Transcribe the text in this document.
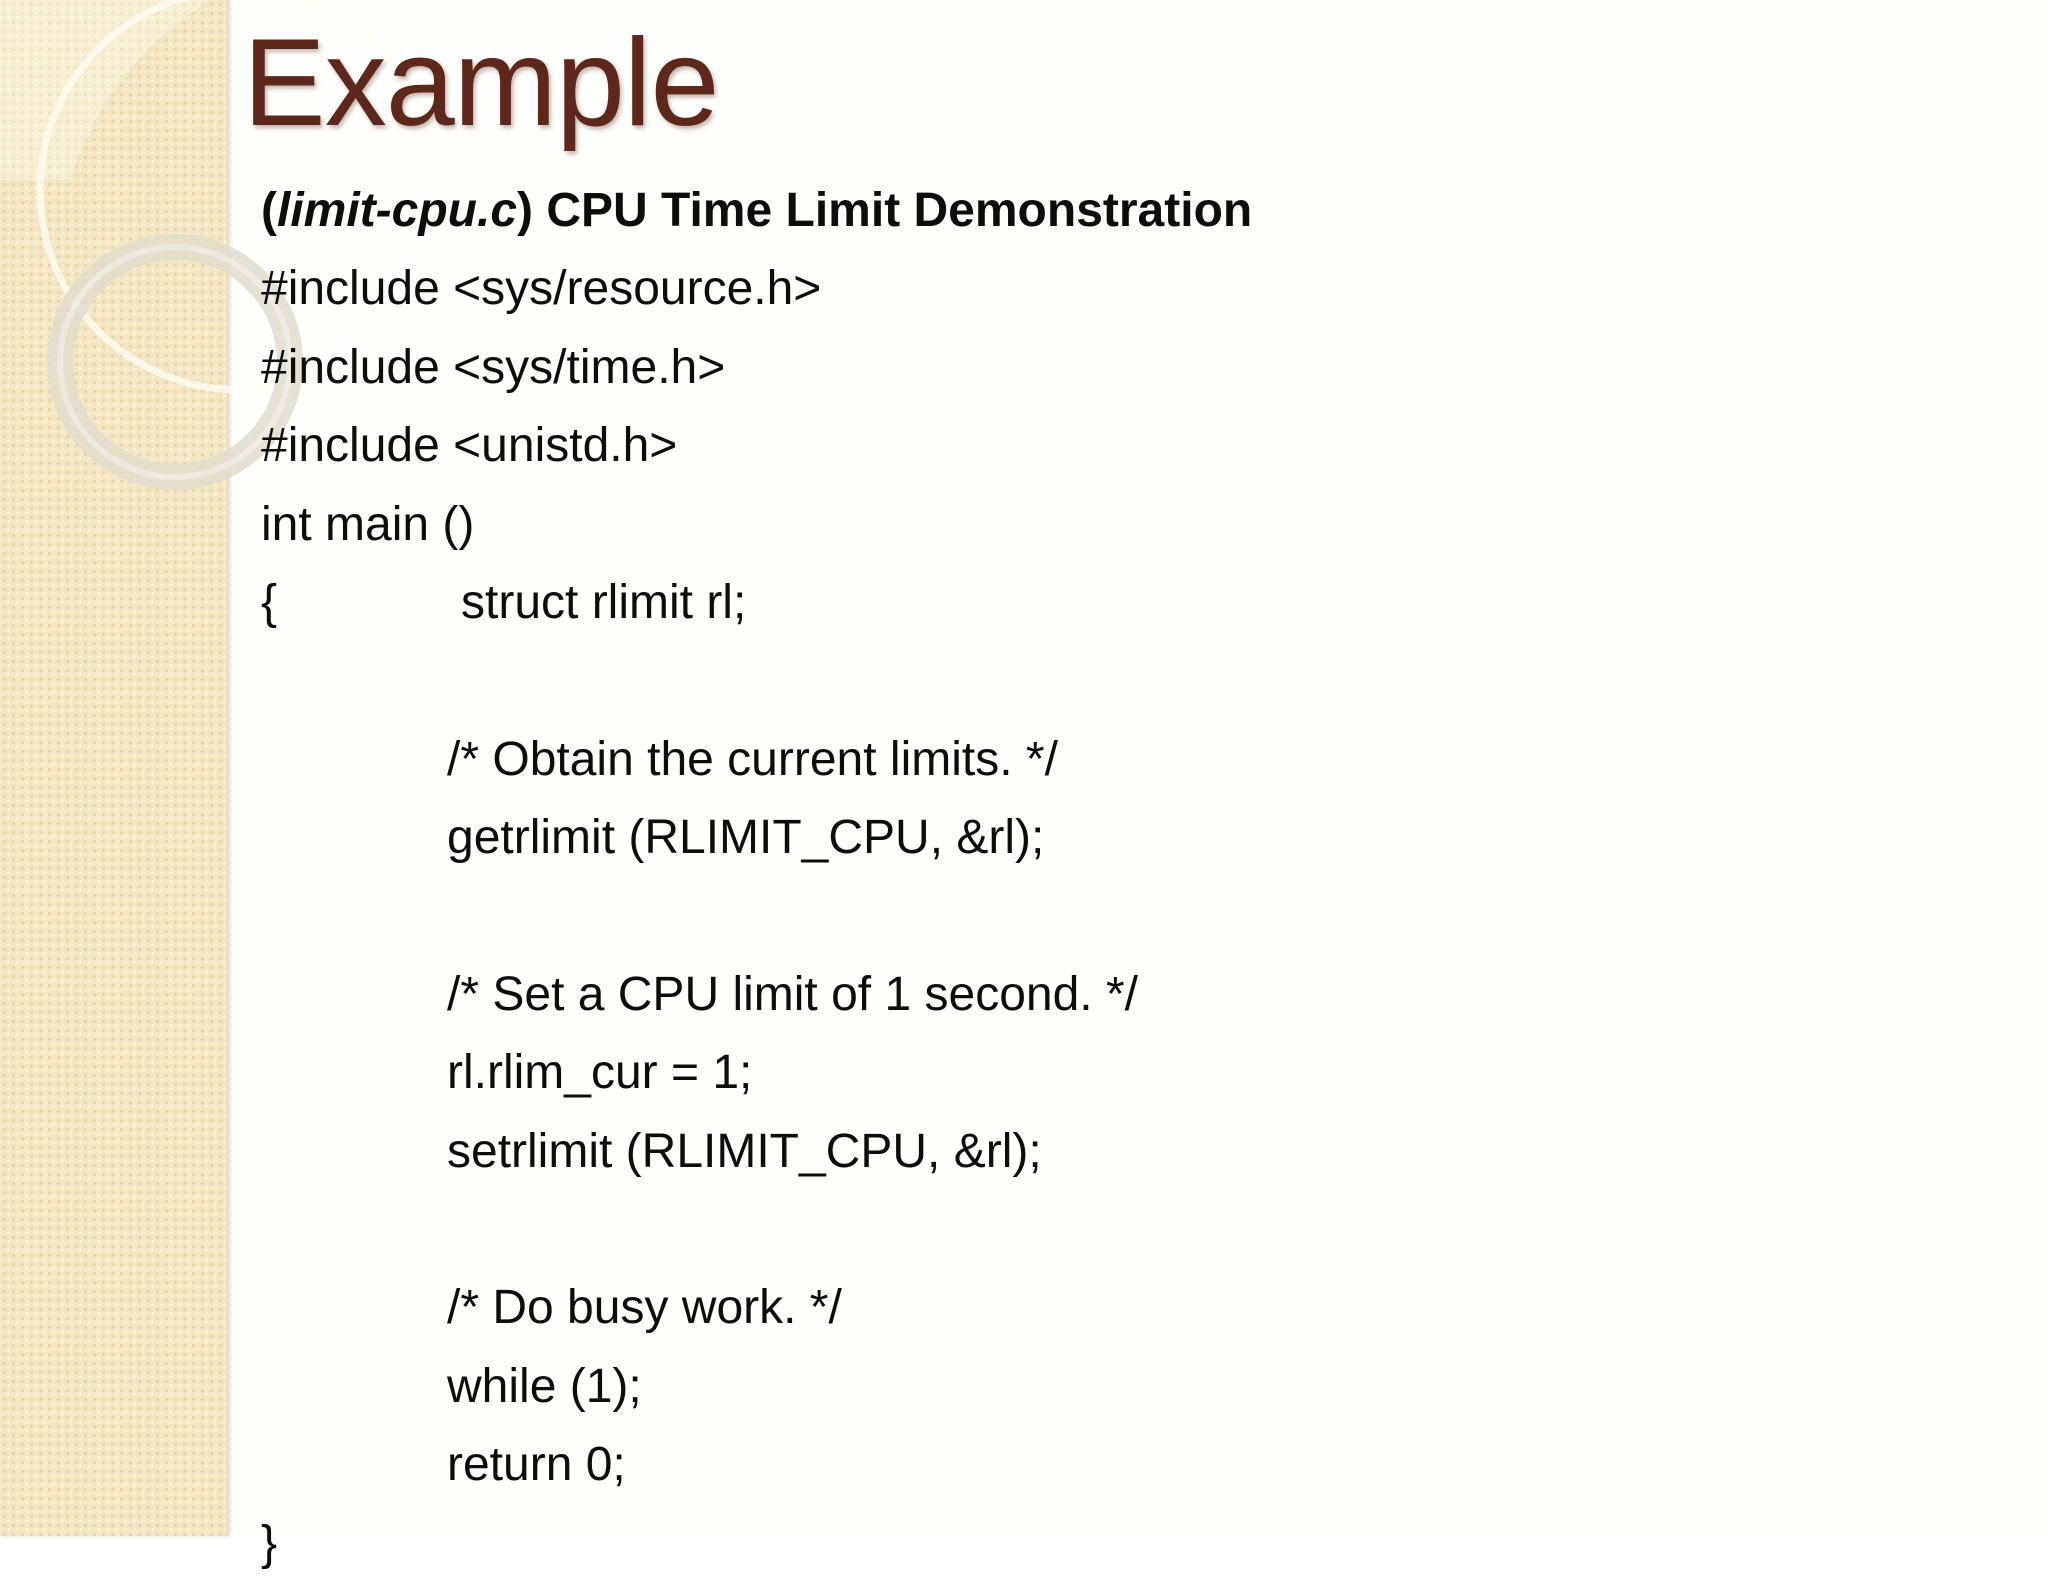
Example
(limit-cpu.c) CPU Time Limit Demonstration
#include <sys/resource.h>
#include <sys/time.h>
#include <unistd.h>
int main ()
{	struct rlimit rl;
/* Obtain the current limits. */
getrlimit (RLIMIT_CPU, &rl);
/* Set a CPU limit of 1 second. */
rl.rlim_cur = 1;
setrlimit (RLIMIT_CPU, &rl);
/* Do busy work. */
while (1);
return 0;
}
